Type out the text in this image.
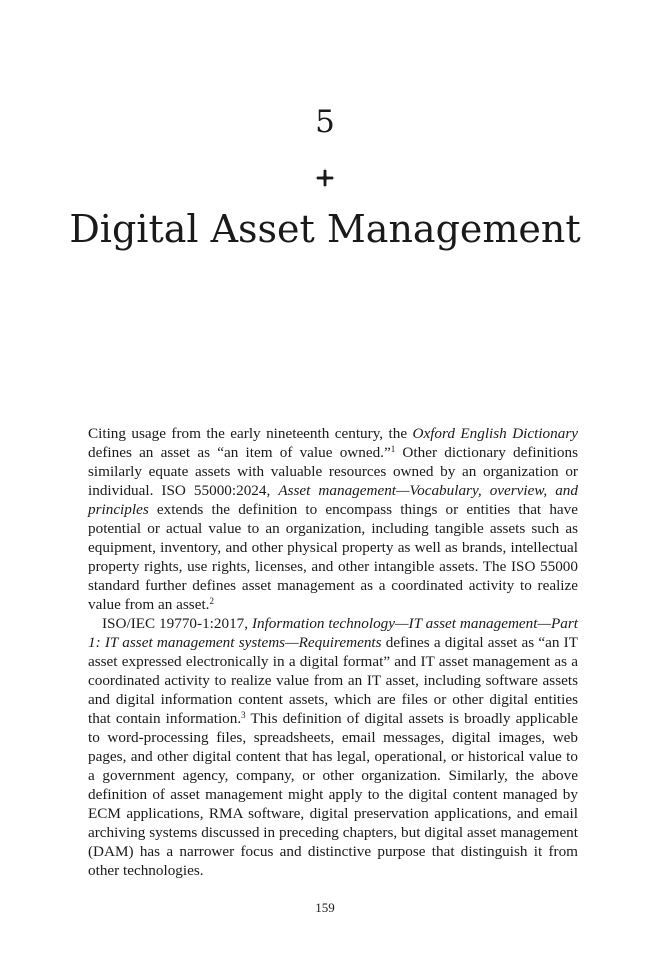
5
Digital Asset Management

Citing usage from the early nineteenth century, the Oxford English Dictionary defines an asset as “an item of value owned.”$^1$ Other dictionary definitions similarly equate assets with valuable resources owned by an organization or individual. ISO 55000:2024, Asset management—Vocabulary, overview, and principles extends the definition to encompass things or entities that have potential or actual value to an organization, including tangible assets such as equipment, inventory, and other physical property as well as brands, intellectual property rights, use rights, licenses, and other intangible assets. The ISO 55000 standard further defines asset management as a coordinated activity to realize value from an asset.$^2$

ISO/IEC 19770-1:2017, Information technology—IT asset management—Part 1: IT asset management systems—Requirements defines a digital asset as “an IT asset expressed electronically in a digital format” and IT asset management as a coordinated activity to realize value from an IT asset, including software assets and digital information content assets, which are files or other digital entities that contain information.$^3$ This definition of digital assets is broadly applicable to word-processing files, spreadsheets, email messages, digital images, web pages, and other digital content that has legal, operational, or historical value to a government agency, company, or other organization. Similarly, the above definition of asset management might apply to the digital content managed by ECM applications, RMA software, digital preservation applications, and email archiving systems discussed in preceding chapters, but digital asset management (DAM) has a narrower focus and distinctive purpose that distinguish it from other technologies.

159
